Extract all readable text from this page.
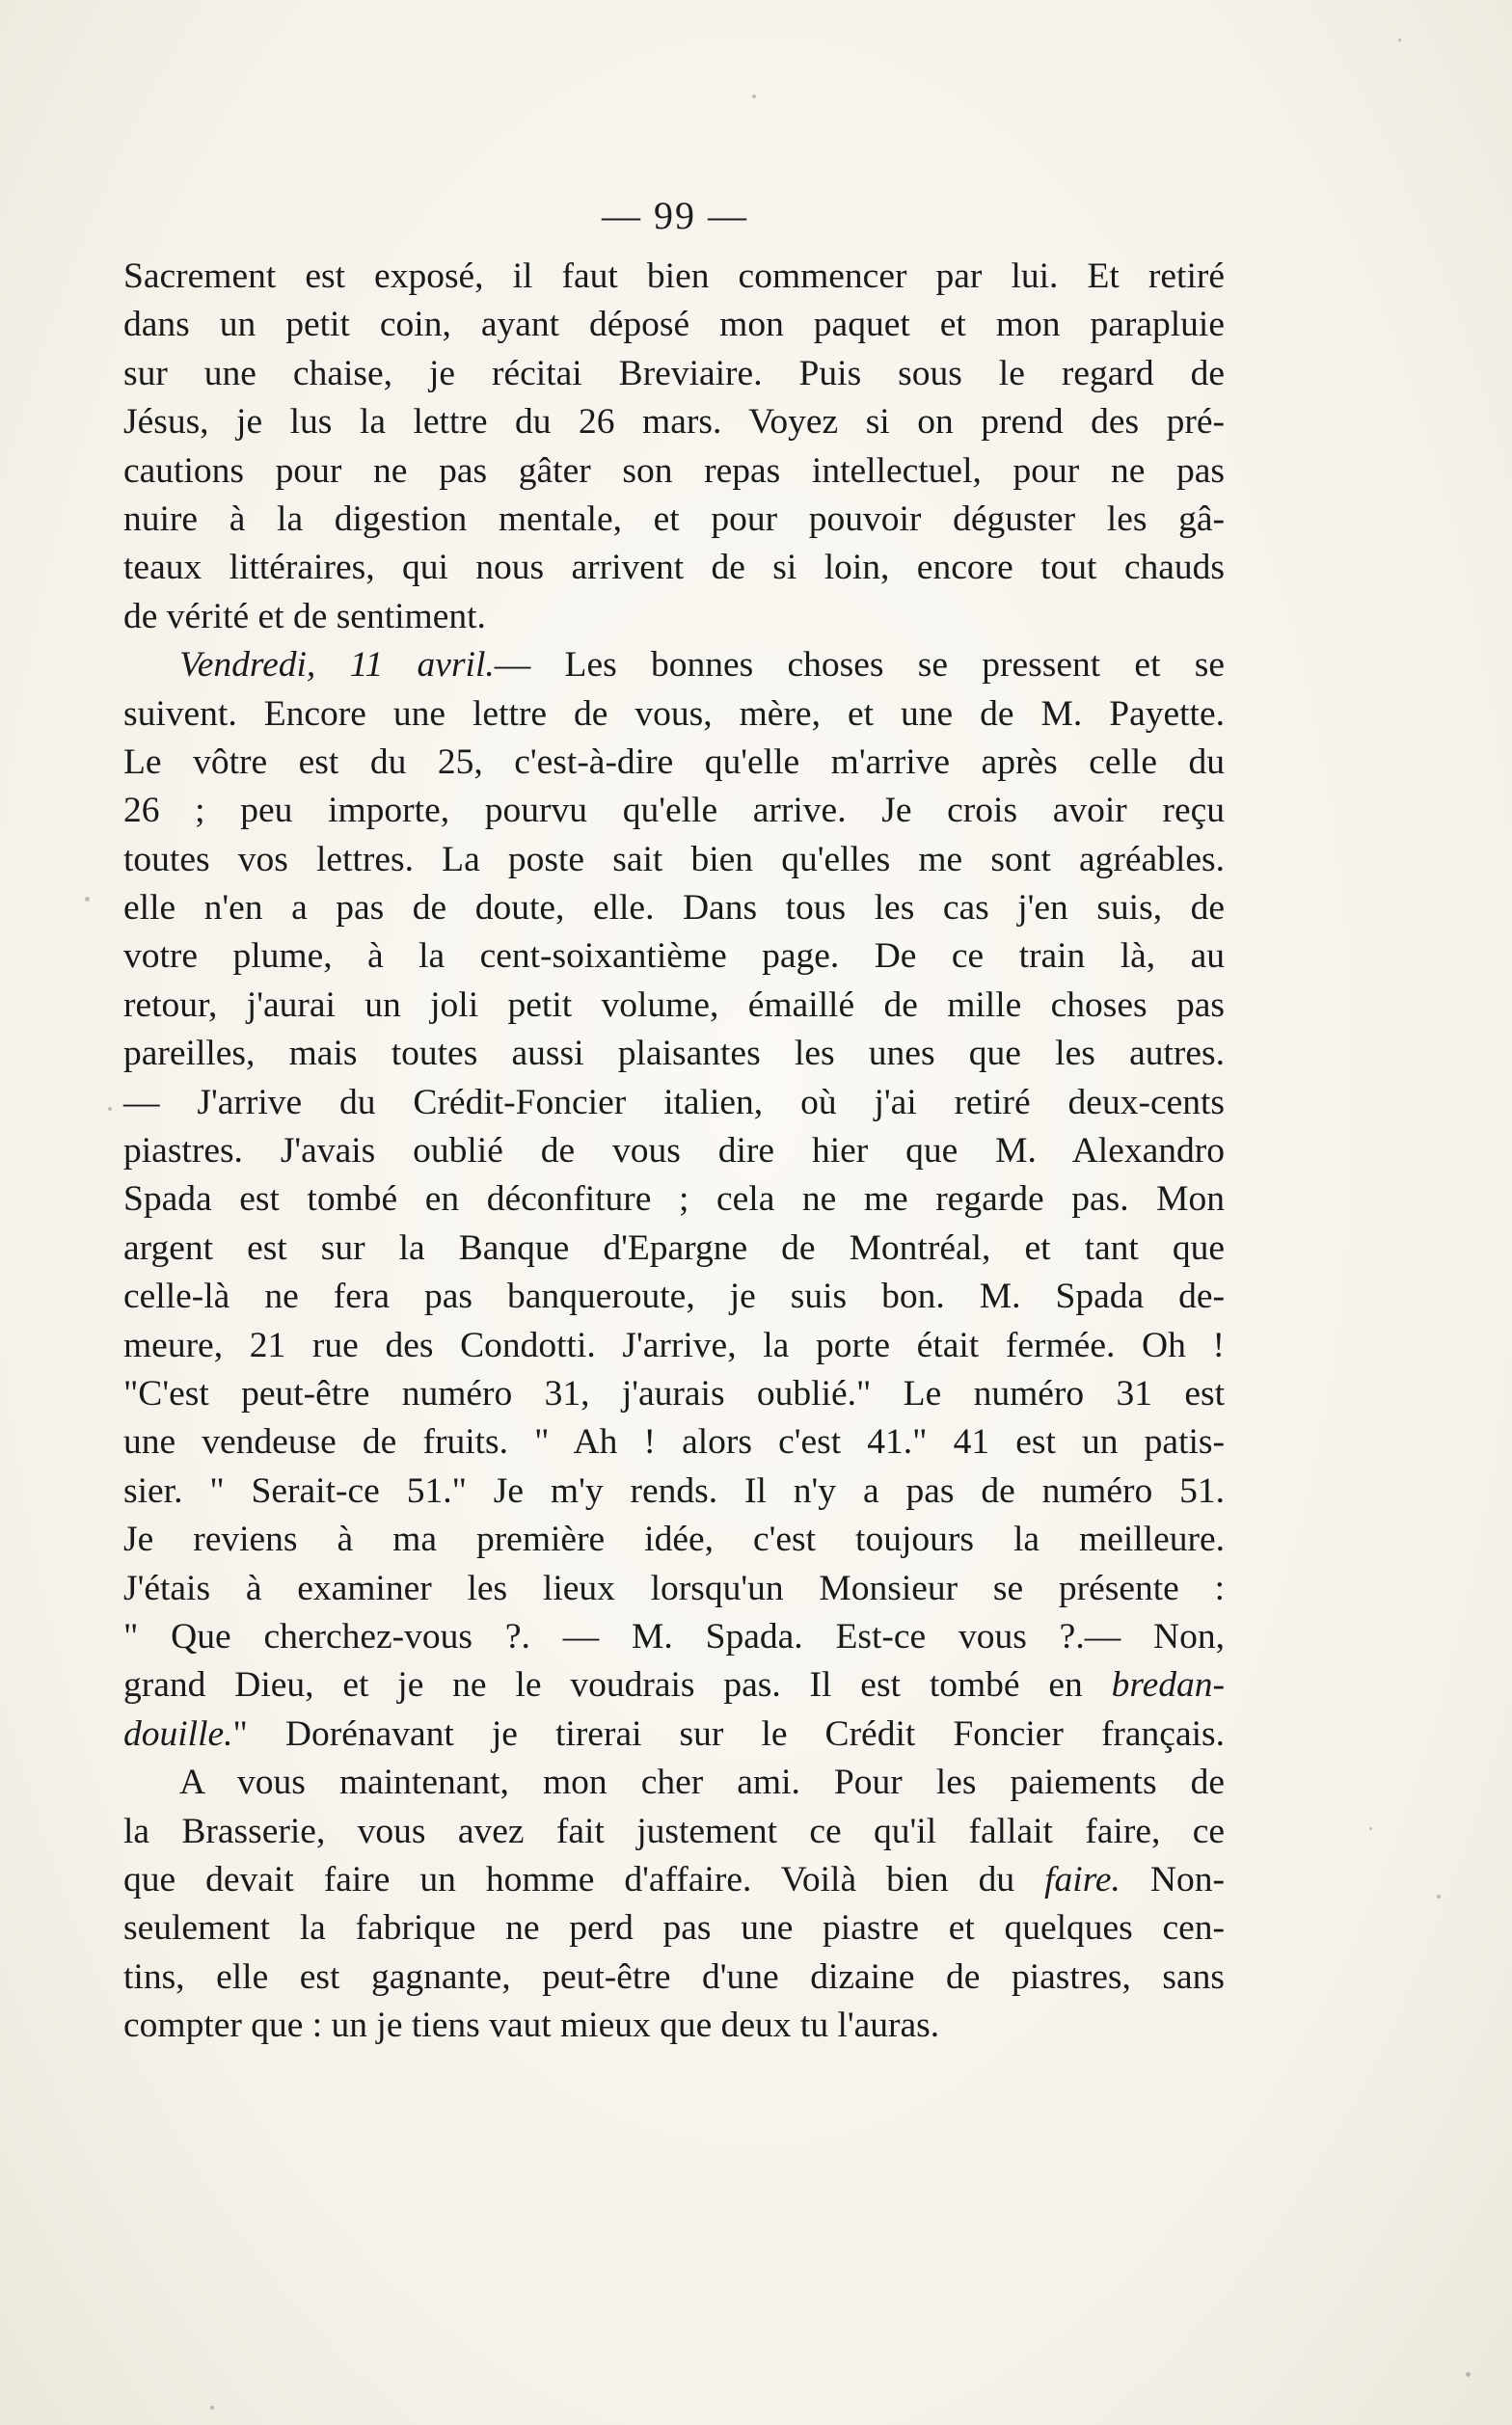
— 99 —
Sacrement est exposé, il faut bien commencer par lui. Et retiré
dans un petit coin, ayant déposé mon paquet et mon parapluie
sur une chaise, je récitai Breviaire. Puis sous le regard de
Jésus, je lus la lettre du 26 mars. Voyez si on prend des pré-
cautions pour ne pas gâter son repas intellectuel, pour ne pas
nuire à la digestion mentale, et pour pouvoir déguster les gâ-
teaux littéraires, qui nous arrivent de si loin, encore tout chauds
de vérité et de sentiment.
Vendredi, 11 avril.— Les bonnes choses se pressent et se
suivent. Encore une lettre de vous, mère, et une de M. Payette.
Le vôtre est du 25, c'est-à-dire qu'elle m'arrive après celle du
26 ; peu importe, pourvu qu'elle arrive. Je crois avoir reçu
toutes vos lettres. La poste sait bien qu'elles me sont agréables.
elle n'en a pas de doute, elle. Dans tous les cas j'en suis, de
votre plume, à la cent-soixantième page. De ce train là, au
retour, j'aurai un joli petit volume, émaillé de mille choses pas
pareilles, mais toutes aussi plaisantes les unes que les autres.
— J'arrive du Crédit-Foncier italien, où j'ai retiré deux-cents
piastres. J'avais oublié de vous dire hier que M. Alexandro
Spada est tombé en déconfiture ; cela ne me regarde pas. Mon
argent est sur la Banque d'Epargne de Montréal, et tant que
celle-là ne fera pas banqueroute, je suis bon. M. Spada de-
meure, 21 rue des Condotti. J'arrive, la porte était fermée. Oh !
"C'est peut-être numéro 31, j'aurais oublié." Le numéro 31 est
une vendeuse de fruits. " Ah ! alors c'est 41." 41 est un patis-
sier. " Serait-ce 51." Je m'y rends. Il n'y a pas de numéro 51.
Je reviens à ma première idée, c'est toujours la meilleure.
J'étais à examiner les lieux lorsqu'un Monsieur se présente :
" Que cherchez-vous ?. — M. Spada. Est-ce vous ?.— Non,
grand Dieu, et je ne le voudrais pas. Il est tombé en bredan-
douille." Dorénavant je tirerai sur le Crédit Foncier français.
A vous maintenant, mon cher ami. Pour les paiements de
la Brasserie, vous avez fait justement ce qu'il fallait faire, ce
que devait faire un homme d'affaire. Voilà bien du faire. Non-
seulement la fabrique ne perd pas une piastre et quelques cen-
tins, elle est gagnante, peut-être d'une dizaine de piastres, sans
compter que : un je tiens vaut mieux que deux tu l'auras.
